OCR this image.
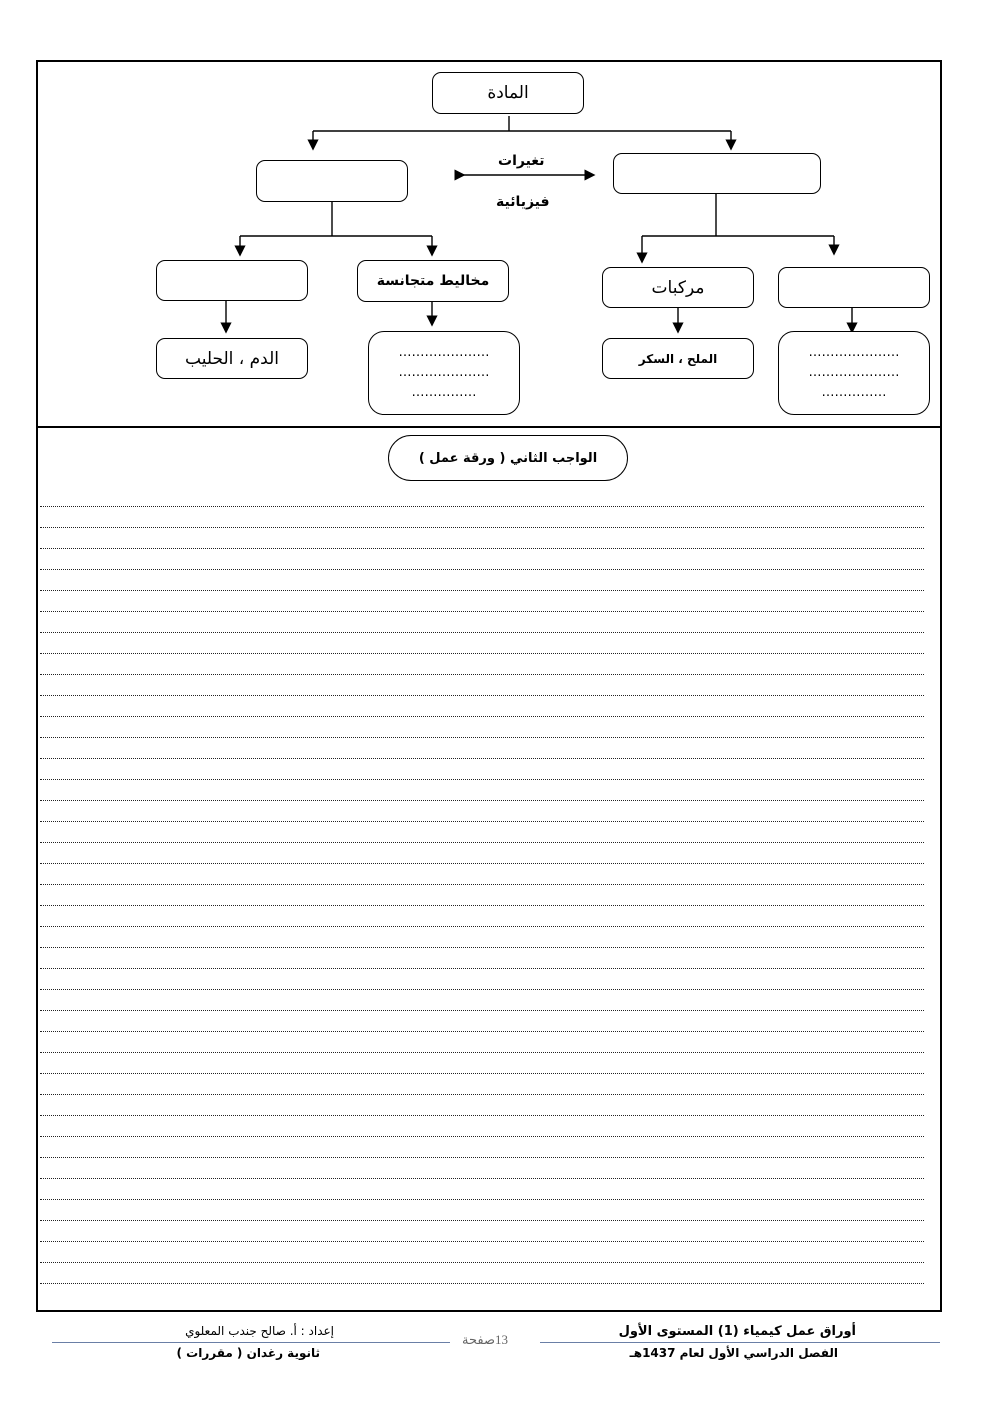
المادة
تغيرات
فيزيائية
مخاليط متجانسة	مركبات
الدم ، الحليب	…………………
…………………
……………
الملح ، السكر	…………………
…………………
……………
الواجب الثاني ( ورقة عمل )
أوراق عمل كيمياء (1) المستوى الأول
الفصل الدراسي الأول لعام 1437هـ
إعداد : أ. صالح جندب المعلوي
ثانوية رغدان ( مقررات )
13صفحة
